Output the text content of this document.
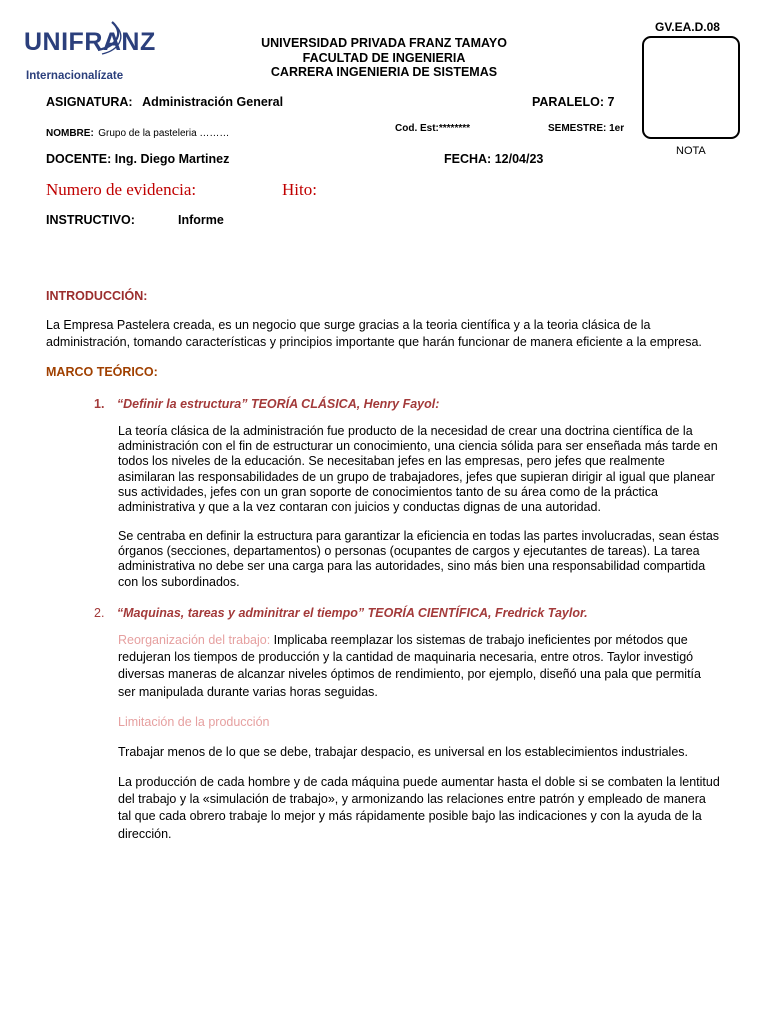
UNIFRANZ
Internacionalízate
UNIVERSIDAD PRIVADA FRANZ TAMAYO
FACULTAD DE INGENIERIA
CARRERA INGENIERIA DE SISTEMAS
GV.EA.D.08
NOTA
ASIGNATURA: Administración General	PARALELO: 7
NOMBRE: Grupo de la pasteleria ………	Cod. Est:********	SEMESTRE: 1er
DOCENTE: Ing. Diego Martinez	FECHA: 12/04/23
Numero de evidencia:	Hito:
INSTRUCTIVO:	Informe
INTRODUCCIÓN:
La Empresa Pastelera creada, es un negocio que surge gracias a la teoria científica y a la teoria clásica de la
administración, tomando características y principios importante que harán funcionar de manera eficiente a la empresa.
MARCO TEÓRICO:
1. “Definir la estructura” TEORÍA CLÁSICA, Henry Fayol:
La teoría clásica de la administración fue producto de la necesidad de crear una doctrina científica de la
administración con el fin de estructurar un conocimiento, una ciencia sólida para ser enseñada más tarde en
todos los niveles de la educación. Se necesitaban jefes en las empresas, pero jefes que realmente
asimilaran las responsabilidades de un grupo de trabajadores, jefes que supieran dirigir al igual que planear
sus actividades, jefes con un gran soporte de conocimientos tanto de su área como de la práctica
administrativa y que a la vez contaran con juicios y conductas dignas de una autoridad.
Se centraba en definir la estructura para garantizar la eficiencia en todas las partes involucradas, sean éstas
órganos (secciones, departamentos) o personas (ocupantes de cargos y ejecutantes de tareas). La tarea
administrativa no debe ser una carga para las autoridades, sino más bien una responsabilidad compartida
con los subordinados.
2. “Maquinas, tareas y adminitrar el tiempo” TEORÍA CIENTÍFICA, Fredrick Taylor.
Reorganización del trabajo: Implicaba reemplazar los sistemas de trabajo ineficientes por métodos que
redujeran los tiempos de producción y la cantidad de maquinaria necesaria, entre otros. Taylor investigó
diversas maneras de alcanzar niveles óptimos de rendimiento, por ejemplo, diseñó una pala que permitía
ser manipulada durante varias horas seguidas.
Limitación de la producción
Trabajar menos de lo que se debe, trabajar despacio, es universal en los establecimientos industriales.
La producción de cada hombre y de cada máquina puede aumentar hasta el doble si se combaten la lentitud
del trabajo y la «simulación de trabajo», y armonizando las relaciones entre patrón y empleado de manera
tal que cada obrero trabaje lo mejor y más rápidamente posible bajo las indicaciones y con la ayuda de la
dirección.
